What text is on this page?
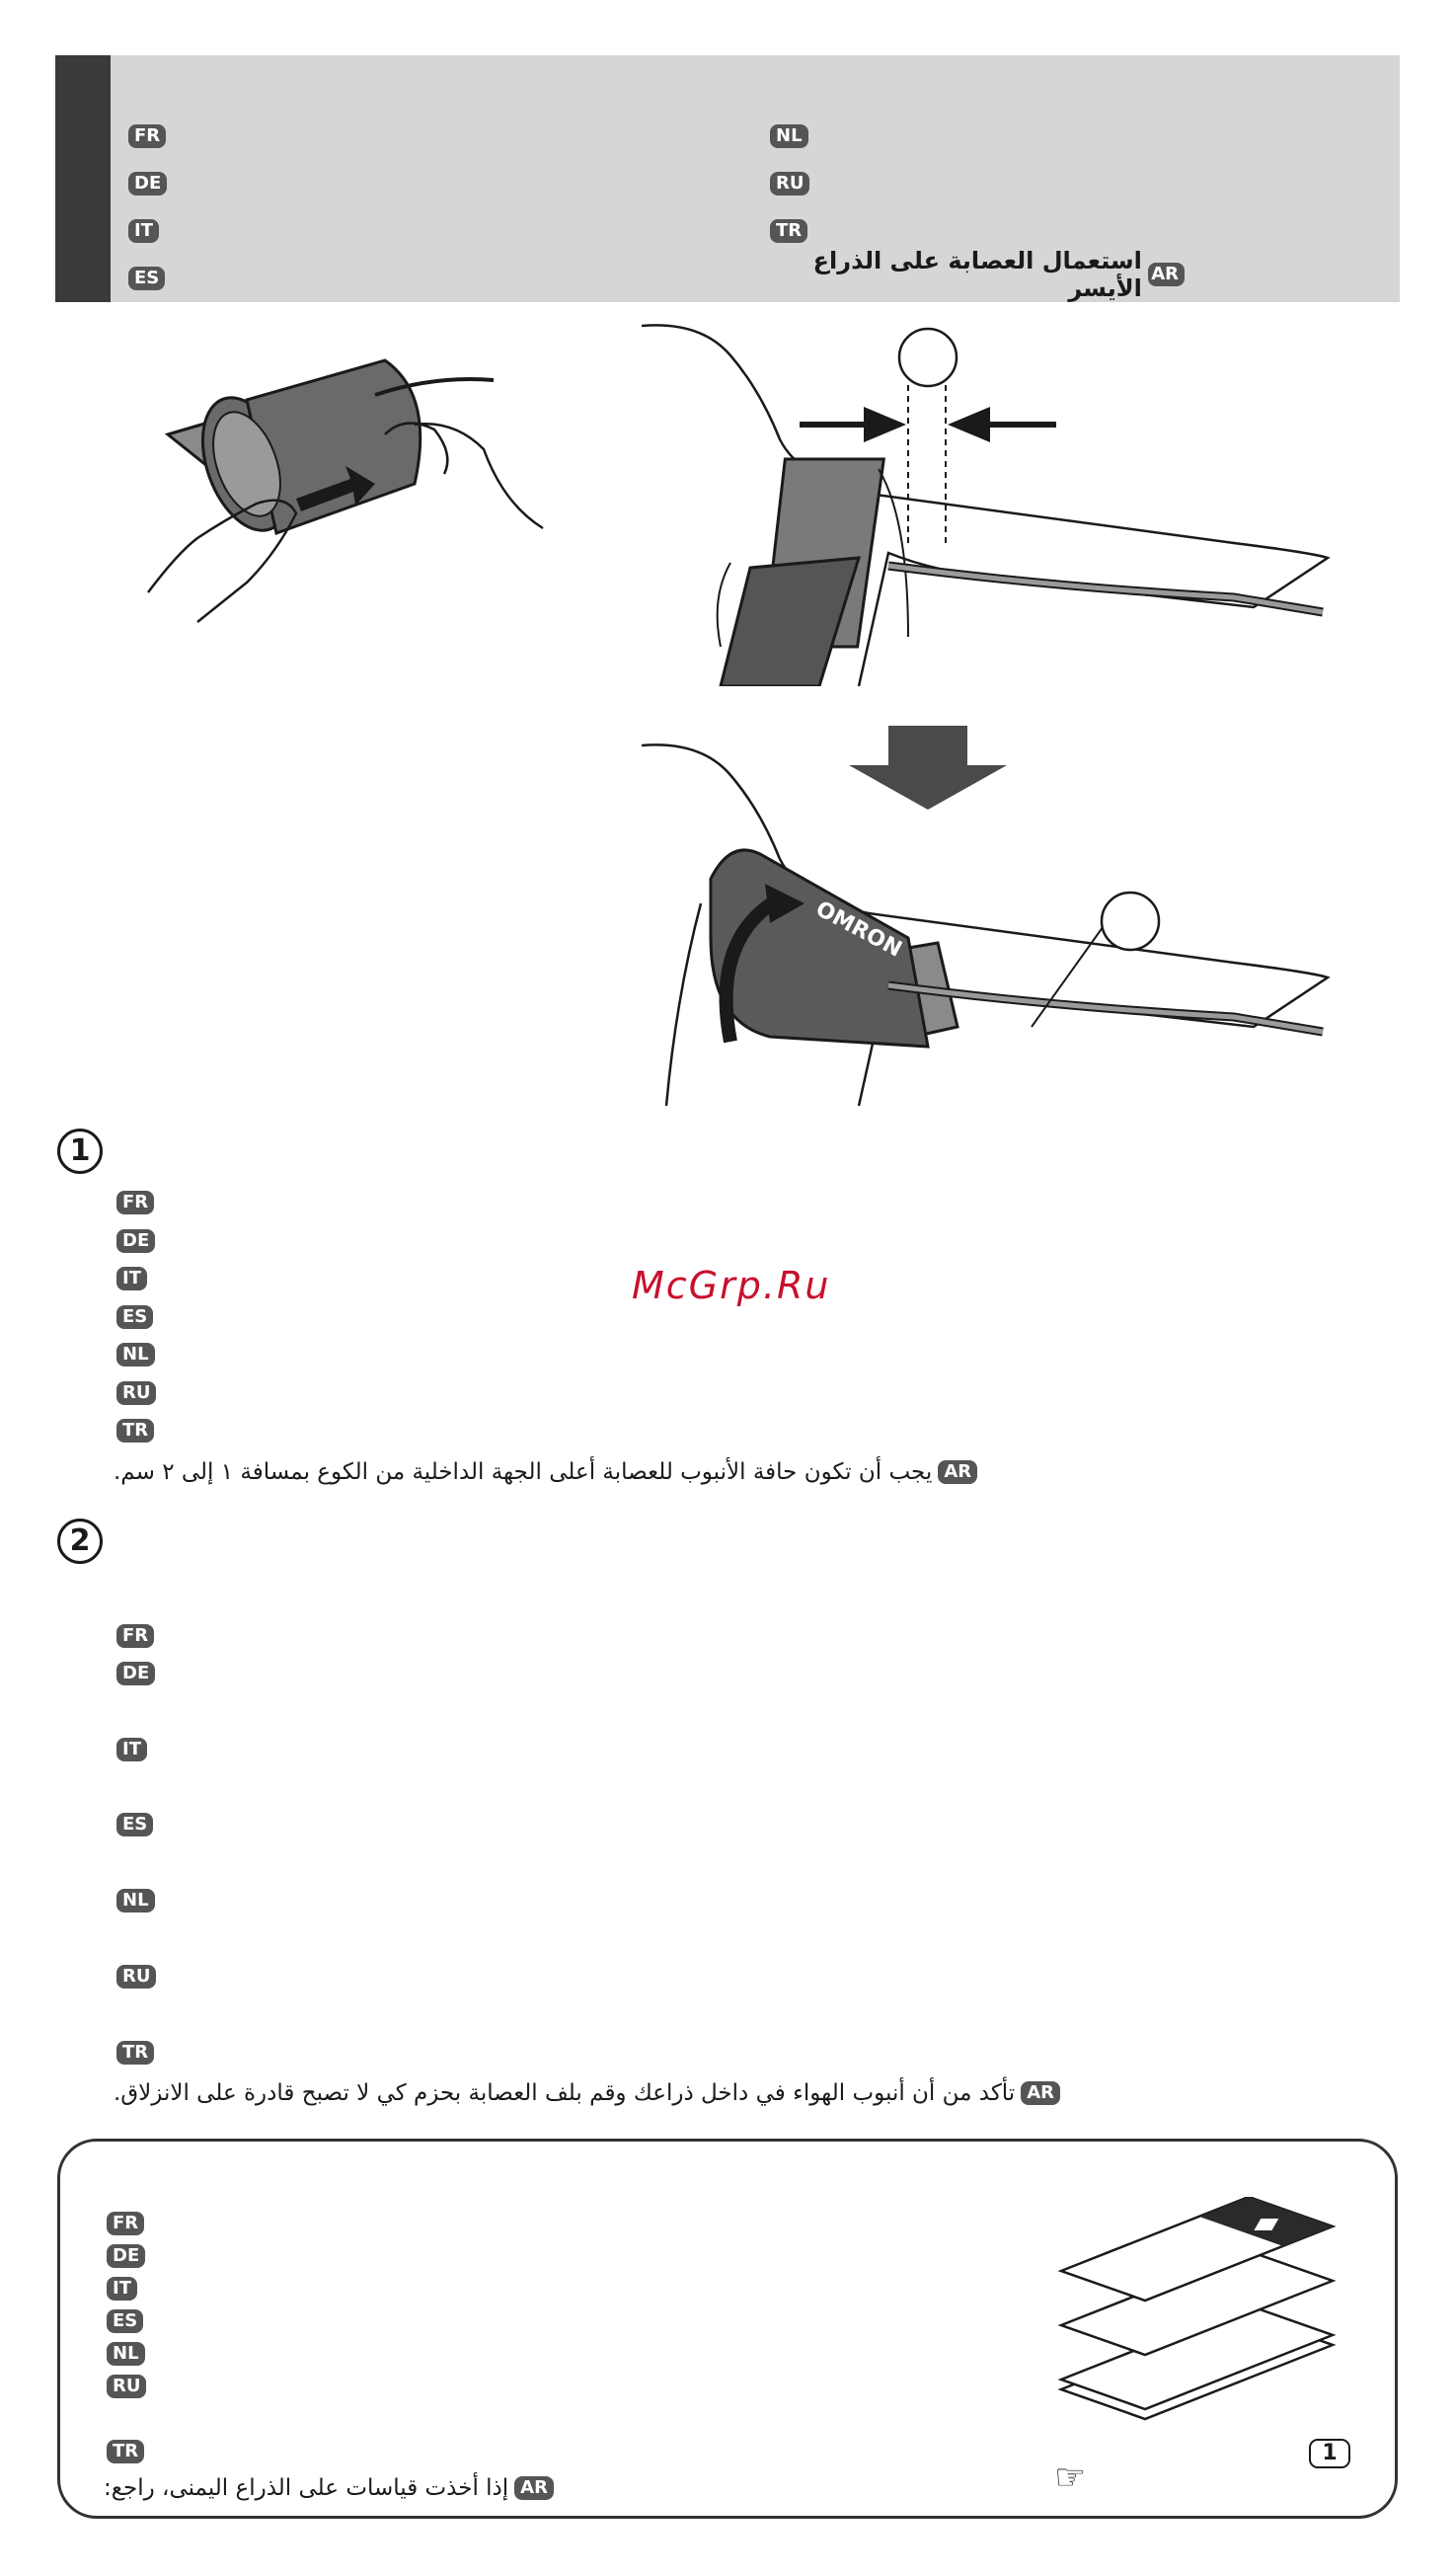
FR
DE
IT
ES
NL
RU
TR
AR
استعمال العصابة على الذراع الأيسر
OMRON
1
FR
DE
IT
ES
NL
RU
TR
AR
يجب أن تكون حافة الأنبوب للعصابة أعلى الجهة الداخلية من الكوع بمسافة ١ إلى ٢ سم.
McGrp.Ru
2
FR
DE
IT
ES
NL
RU
TR
AR
تأكد من أن أنبوب الهواء في داخل ذراعك وقم بلف العصابة بحزم كي لا تصبح قادرة على الانزلاق.
FR
DE
IT
ES
NL
RU
TR
AR
إذا أخذت قياسات على الذراع اليمنى، راجع:	☞
1
